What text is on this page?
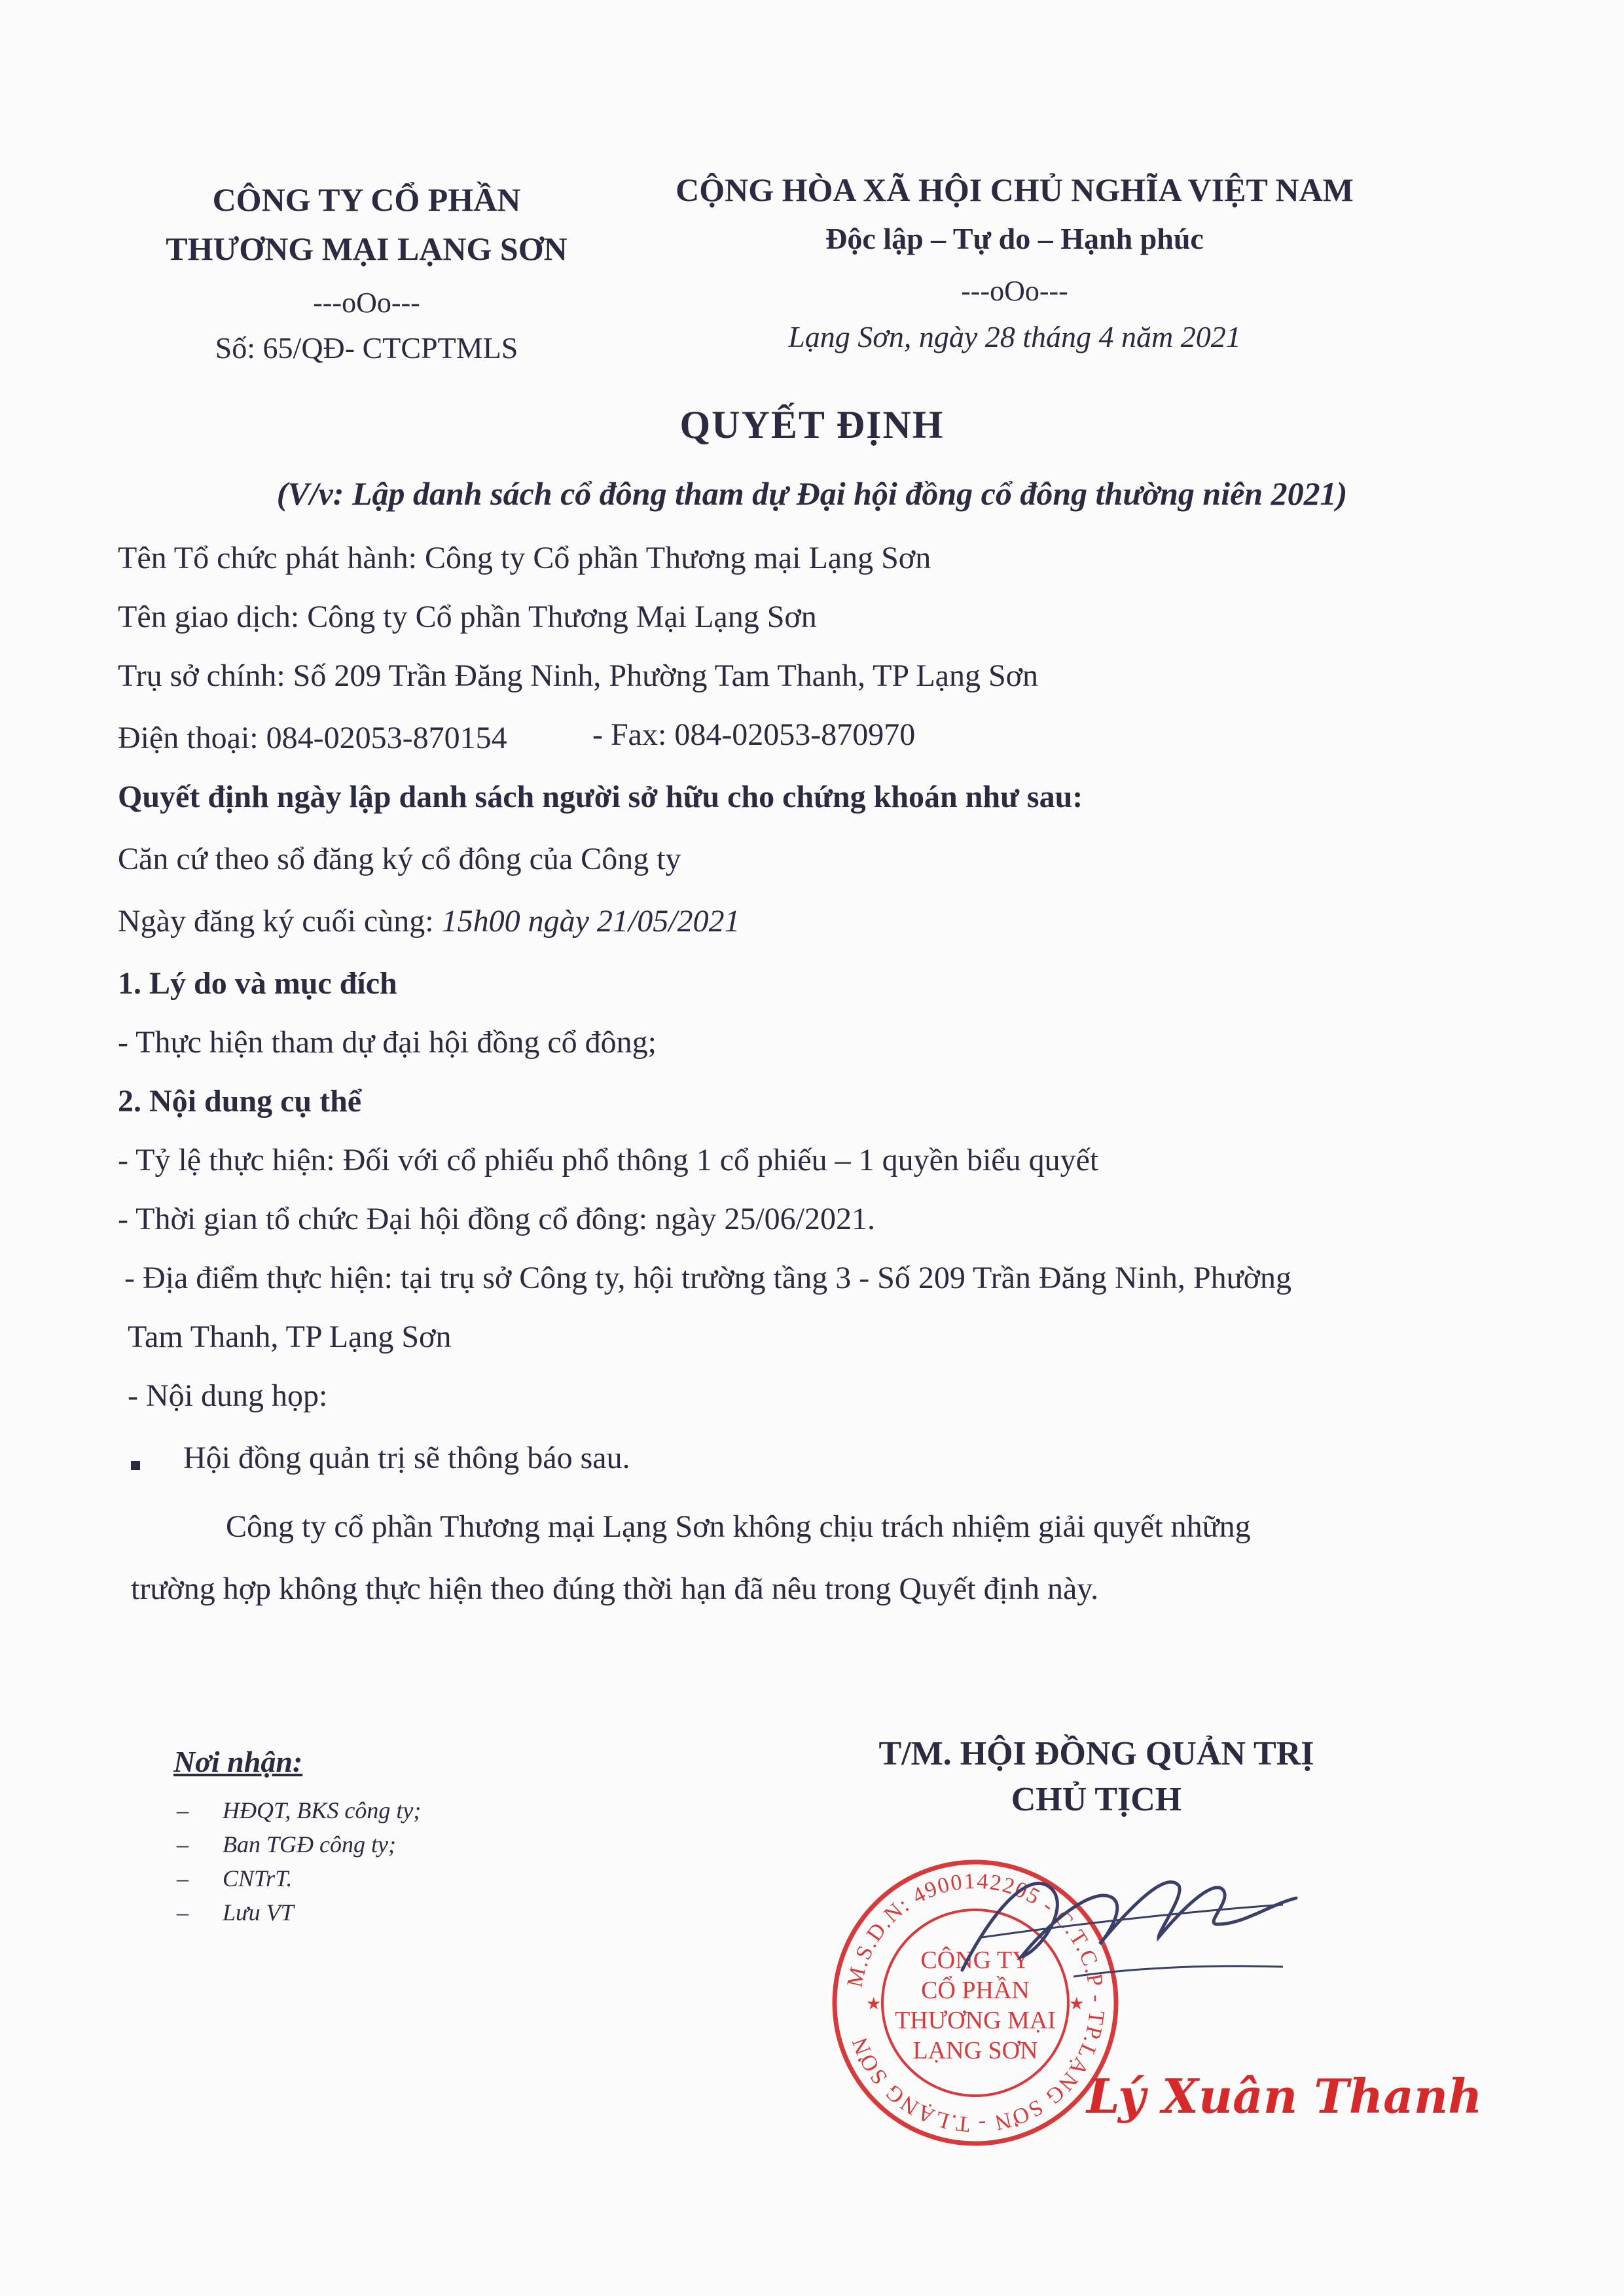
CÔNG TY CỔ PHẦN
THƯƠNG MẠI LẠNG SƠN
---oOo---
Số: 65/QĐ- CTCPTMLS
CỘNG HÒA XÃ HỘI CHỦ NGHĨA VIỆT NAM
Độc lập – Tự do – Hạnh phúc
---oOo---
Lạng Sơn, ngày 28 tháng 4 năm 2021
QUYẾT ĐỊNH
(V/v: Lập danh sách cổ đông tham dự Đại hội đồng cổ đông thường niên 2021)
Tên Tổ chức phát hành: Công ty Cổ phần Thương mại Lạng Sơn
Tên giao dịch: Công ty Cổ phần Thương Mại Lạng Sơn
Trụ sở chính: Số 209 Trần Đăng Ninh, Phường Tam Thanh, TP Lạng Sơn
Điện thoại: 084-02053-870154	- Fax: 084-02053-870970
Quyết định ngày lập danh sách người sở hữu cho chứng khoán như sau:
Căn cứ theo sổ đăng ký cổ đông của Công ty
Ngày đăng ký cuối cùng: 15h00 ngày 21/05/2021
1. Lý do và mục đích
- Thực hiện tham dự đại hội đồng cổ đông;
2. Nội dung cụ thể
- Tỷ lệ thực hiện: Đối với cổ phiếu phổ thông 1 cổ phiếu – 1 quyền biểu quyết
- Thời gian tổ chức Đại hội đồng cổ đông: ngày 25/06/2021.
- Địa điểm thực hiện: tại trụ sở Công ty, hội trường tầng 3 - Số 209 Trần Đăng Ninh, Phường
Tam Thanh, TP Lạng Sơn
- Nội dung họp:
Hội đồng quản trị sẽ thông báo sau.
Công ty cổ phần Thương mại Lạng Sơn không chịu trách nhiệm giải quyết những
trường hợp không thực hiện theo đúng thời hạn đã nêu trong Quyết định này.
Nơi nhận:
– HĐQT, BKS công ty;
– Ban TGĐ công ty;
– CNTrT.
– Lưu VT
T/M. HỘI ĐỒNG QUẢN TRỊ
CHỦ TỊCH
M.S.D.N: 4900142205 - C.T.C.P - TP.LẠNG SƠN - T.LẠNG SƠN
CÔNG TY
CỔ PHẦN
THƯƠNG MẠI
LẠNG SƠN
★	★
Lý Xuân Thanh
